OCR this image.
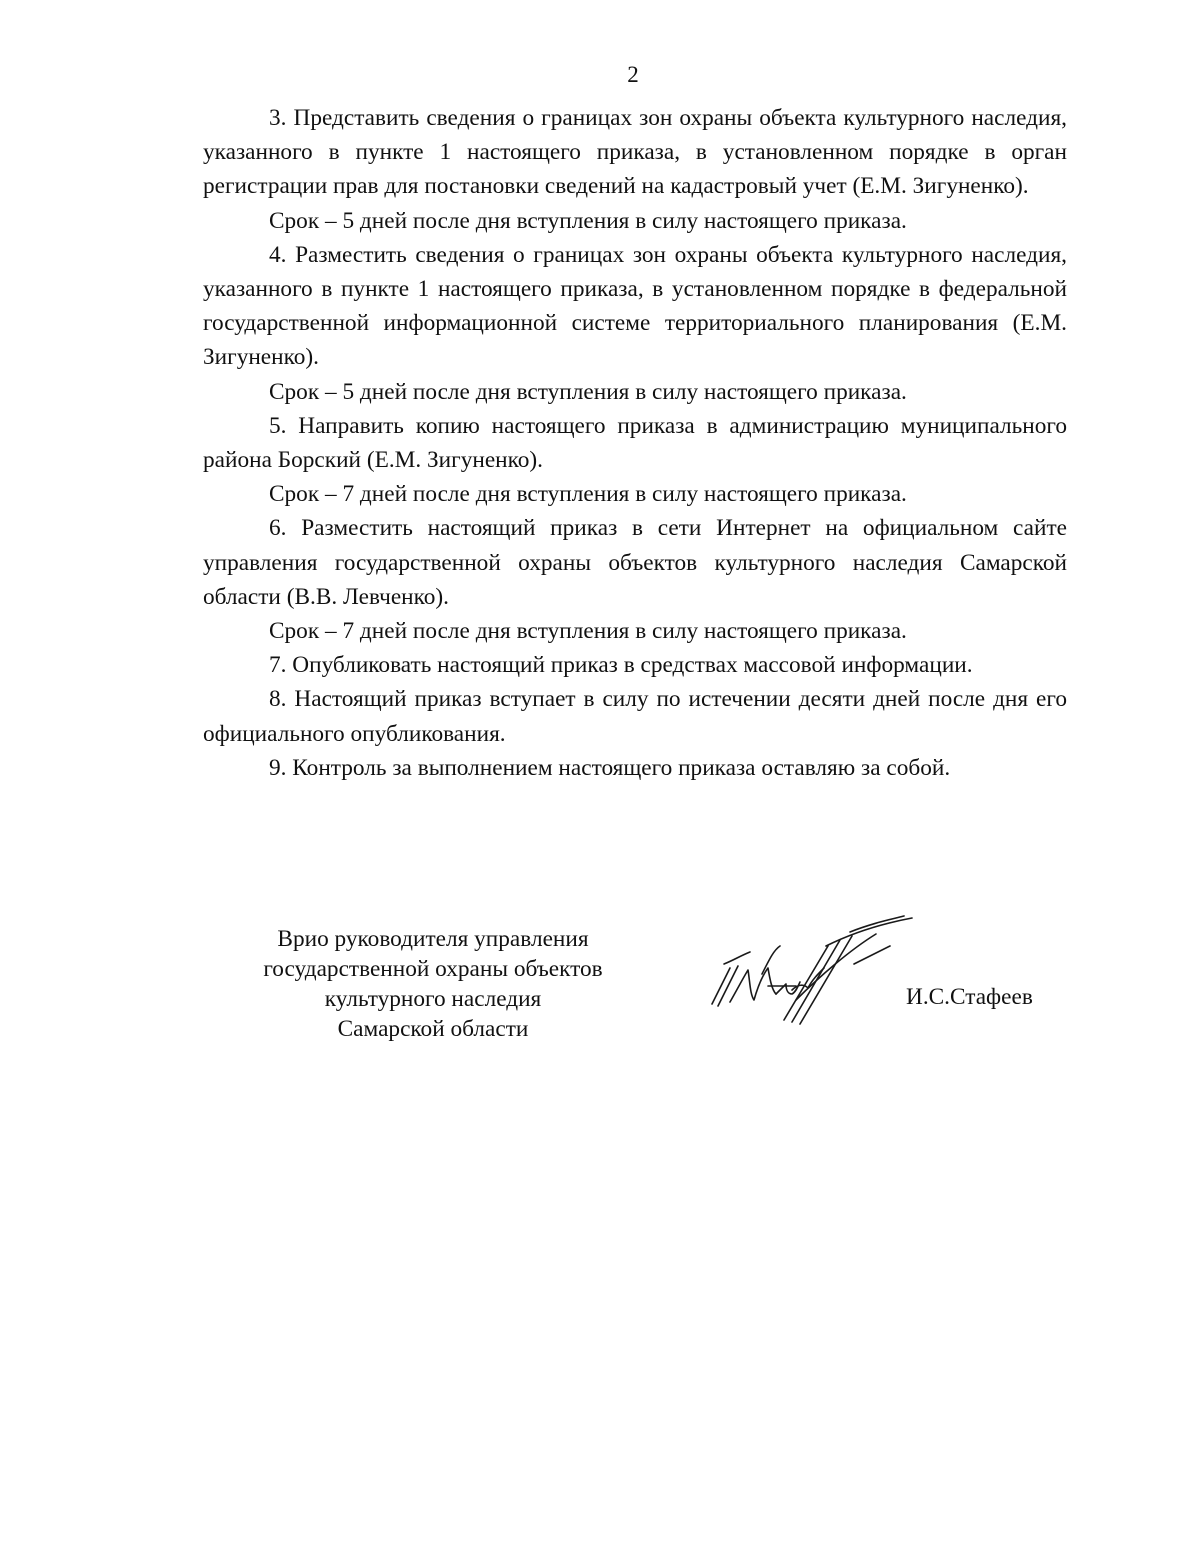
2

3. Представить сведения о границах зон охраны объекта культурного наследия, указанного в пункте 1 настоящего приказа, в установленном порядке в орган регистрации прав для постановки сведений на кадастровый учет (Е.М. Зигуненко).

Срок – 5 дней после дня вступления в силу настоящего приказа.

4. Разместить сведения о границах зон охраны объекта культурного наследия, указанного в пункте 1 настоящего приказа, в установленном порядке в федеральной государственной информационной системе территориального планирования (Е.М. Зигуненко).

Срок – 5 дней после дня вступления в силу настоящего приказа.

5. Направить копию настоящего приказа в администрацию муниципального района Борский (Е.М. Зигуненко).

Срок – 7 дней после дня вступления в силу настоящего приказа.

6. Разместить настоящий приказ в сети Интернет на официальном сайте управления государственной охраны объектов культурного наследия Самарской области (В.В. Левченко).

Срок – 7 дней после дня вступления в силу настоящего приказа.

7. Опубликовать настоящий приказ в средствах массовой информации.

8. Настоящий приказ вступает в силу по истечении десяти дней после дня его официального опубликования.

9. Контроль за выполнением настоящего приказа оставляю за собой.

Врио руководителя управления
государственной охраны объектов
культурного наследия
Самарской области
И.С.Стафеев
